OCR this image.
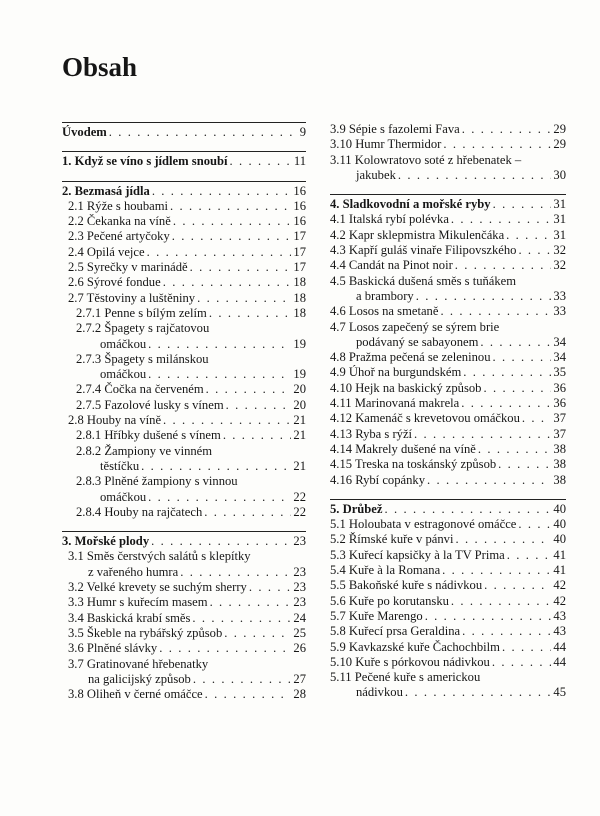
Obsah
Úvodem . . .	9
1. Když se víno s jídlem snoubí . . .	11
2. Bezmasá jídla . . .	16
2.1 Rýže s houbami . . .	16
2.2 Čekanka na víně . . .	16
2.3 Pečené artyčoky . . .	17
2.4 Opilá vejce . . .	17
2.5 Syrečky v marinádě . . .	17
2.6 Sýrové fondue . . .	18
2.7 Těstoviny a luštěniny . . .	18
2.7.1 Penne s bílým zelím . . .	18
2.7.2 Špagety s rajčatovou
omáčkou . . .	19
2.7.3 Špagety s milánskou
omáčkou . . .	19
2.7.4 Čočka na červeném . . .	20
2.7.5 Fazolové lusky s vínem . . .	20
2.8 Houby na víně . . .	21
2.8.1 Hříbky dušené s vínem . . .	21
2.8.2 Žampiony ve vinném
těstíčku . . .	21
2.8.3 Plněné žampiony s vinnou
omáčkou . . .	22
2.8.4 Houby na rajčatech . . .	22
3. Mořské plody . . .	23
3.1 Směs čerstvých salátů s klepítky
z vařeného humra . . .	23
3.2 Velké krevety se suchým sherry . . .	23
3.3 Humr s kuřecím masem . . .	23
3.4 Baskická krabí směs . . .	24
3.5 Škeble na rybářský způsob . . .	25
3.6 Plněné slávky . . .	26
3.7 Gratinované hřebenatky
na galicijský způsob . . .	27
3.8 Oliheň v černé omáčce . . .	28
3.9 Sépie s fazolemi Fava . . .	29
3.10 Humr Thermidor . . .	29
3.11 Kolowratovo soté z hřebenatek –
jakubek . . .	30
4. Sladkovodní a mořské ryby . . .	31
4.1 Italská rybí polévka . . .	31
4.2 Kapr sklepmistra Mikulenčáka . . .	31
4.3 Kapří guláš vinaře Filipovszkého . . .	32
4.4 Candát na Pinot noir . . .	32
4.5 Baskická dušená směs s tuňákem
a brambory . . .	33
4.6 Losos na smetaně . . .	33
4.7 Losos zapečený se sýrem brie
podávaný se sabayonem . . .	34
4.8 Pražma pečená se zeleninou . . .	34
4.9 Úhoř na burgundském . . .	35
4.10 Hejk na baskický způsob . . .	36
4.11 Marinovaná makrela . . .	36
4.12 Kamenáč s krevetovou omáčkou . . .	37
4.13 Ryba s rýží . . .	37
4.14 Makrely dušené na víně . . .	38
4.15 Treska na toskánský způsob . . .	38
4.16 Rybí copánky . . .	38
5. Drůbež . . .	40
5.1 Holoubata v estragonové omáčce . . .	40
5.2 Římské kuře v pánvi . . .	40
5.3 Kuřecí kapsičky à la TV Prima . . .	41
5.4 Kuře à la Romana . . .	41
5.5 Bakoňské kuře s nádivkou . . .	42
5.6 Kuře po korutansku . . .	42
5.7 Kuře Marengo . . .	43
5.8 Kuřecí prsa Geraldina . . .	43
5.9 Kavkazské kuře Čachochbilm . . .	44
5.10 Kuře s pórkovou nádivkou . . .	44
5.11 Pečené kuře s americkou
nádivkou . . .	45
